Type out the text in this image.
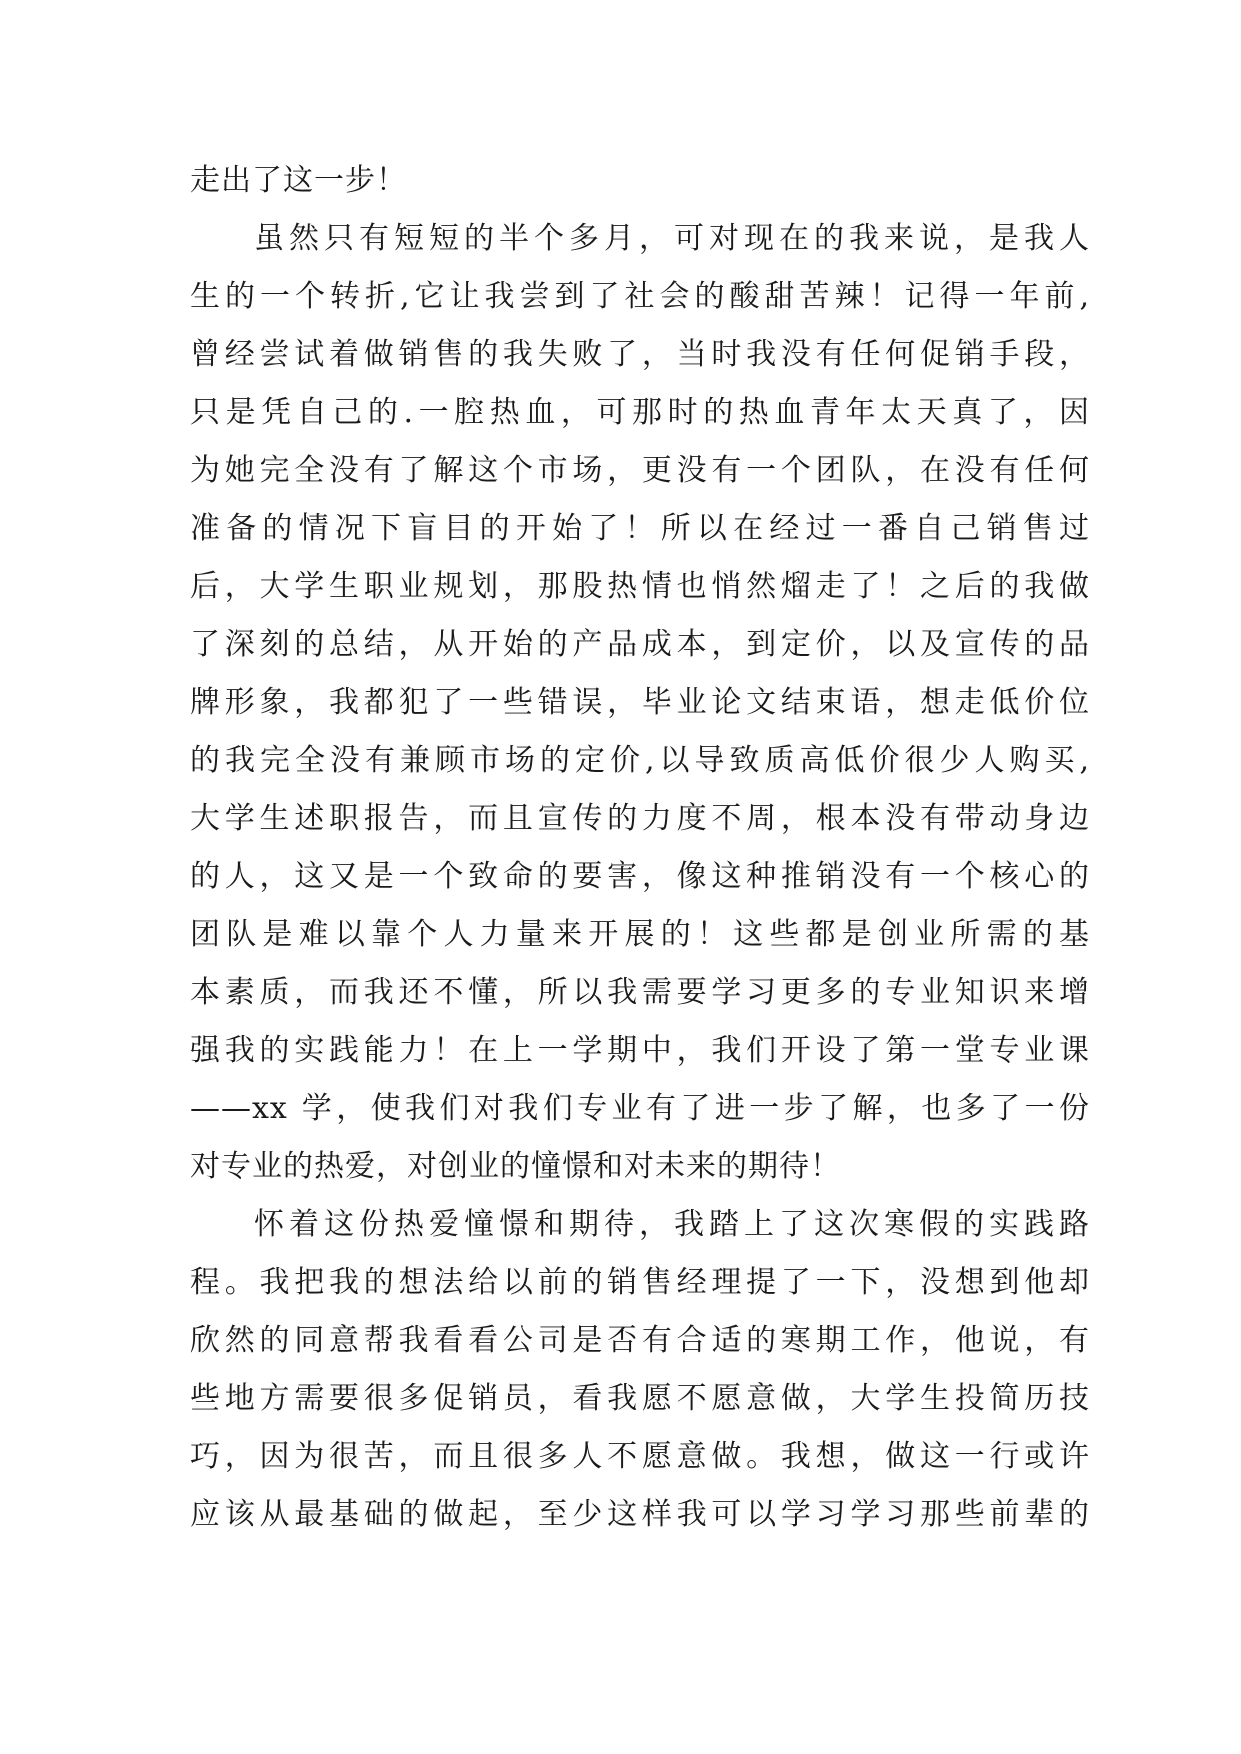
走出了这一步！
虽然只有短短的半个多月，可对现在的我来说，是我人
生的一个转折,它让我尝到了社会的酸甜苦辣！记得一年前,
曾经尝试着做销售的我失败了，当时我没有任何促销手段，
只是凭自己的.一腔热血，可那时的热血青年太天真了，因
为她完全没有了解这个市场，更没有一个团队，在没有任何
准备的情况下盲目的开始了！所以在经过一番自己销售过
后，大学生职业规划，那股热情也悄然熘走了！之后的我做
了深刻的总结，从开始的产品成本，到定价，以及宣传的品
牌形象，我都犯了一些错误，毕业论文结束语，想走低价位
的我完全没有兼顾市场的定价,以导致质高低价很少人购买,
大学生述职报告，而且宣传的力度不周，根本没有带动身边
的人，这又是一个致命的要害，像这种推销没有一个核心的
团队是难以靠个人力量来开展的！这些都是创业所需的基
本素质，而我还不懂，所以我需要学习更多的专业知识来增
强我的实践能力！在上一学期中，我们开设了第一堂专业课
——xx 学，使我们对我们专业有了进一步了解，也多了一份
对专业的热爱，对创业的憧憬和对未来的期待！
怀着这份热爱憧憬和期待，我踏上了这次寒假的实践路
程。我把我的想法给以前的销售经理提了一下，没想到他却
欣然的同意帮我看看公司是否有合适的寒期工作，他说，有
些地方需要很多促销员，看我愿不愿意做，大学生投简历技
巧，因为很苦，而且很多人不愿意做。我想，做这一行或许
应该从最基础的做起，至少这样我可以学习学习那些前辈的
